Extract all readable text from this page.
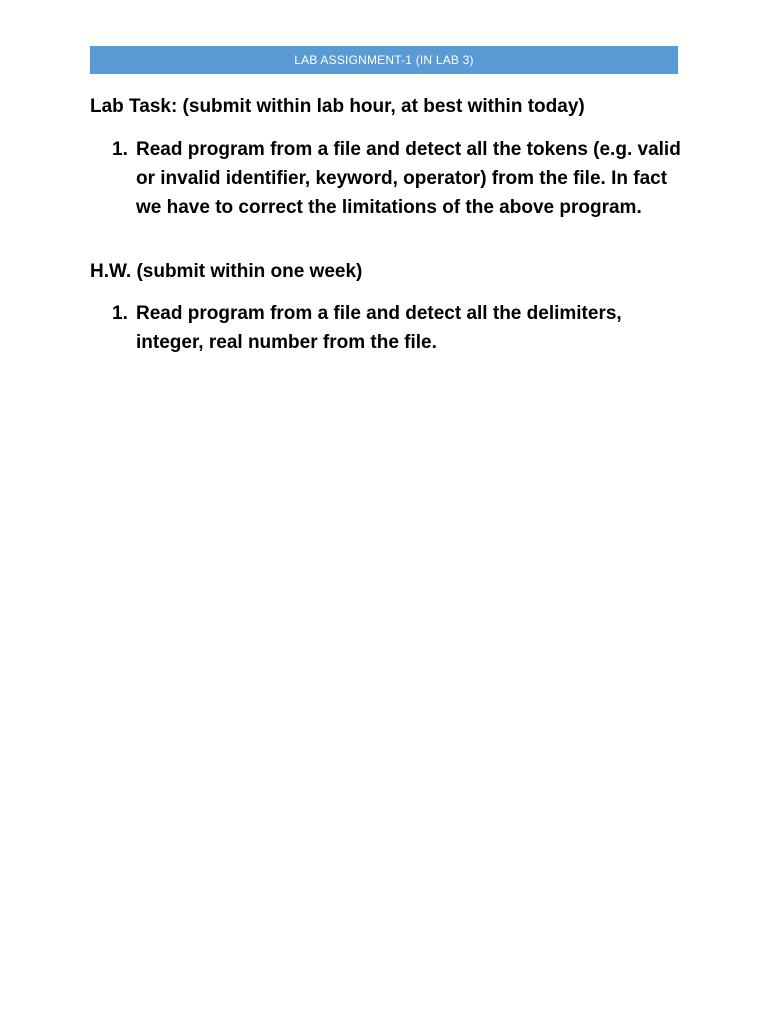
LAB ASSIGNMENT-1 (IN LAB 3)

Lab Task: (submit within lab hour, at best within today)

1. Read program from a file and detect all the tokens (e.g. valid or invalid identifier, keyword, operator) from the file. In fact we have to correct the limitations of the above program.

H.W. (submit within one week)

1. Read program from a file and detect all the delimiters, integer, real number from the file.
